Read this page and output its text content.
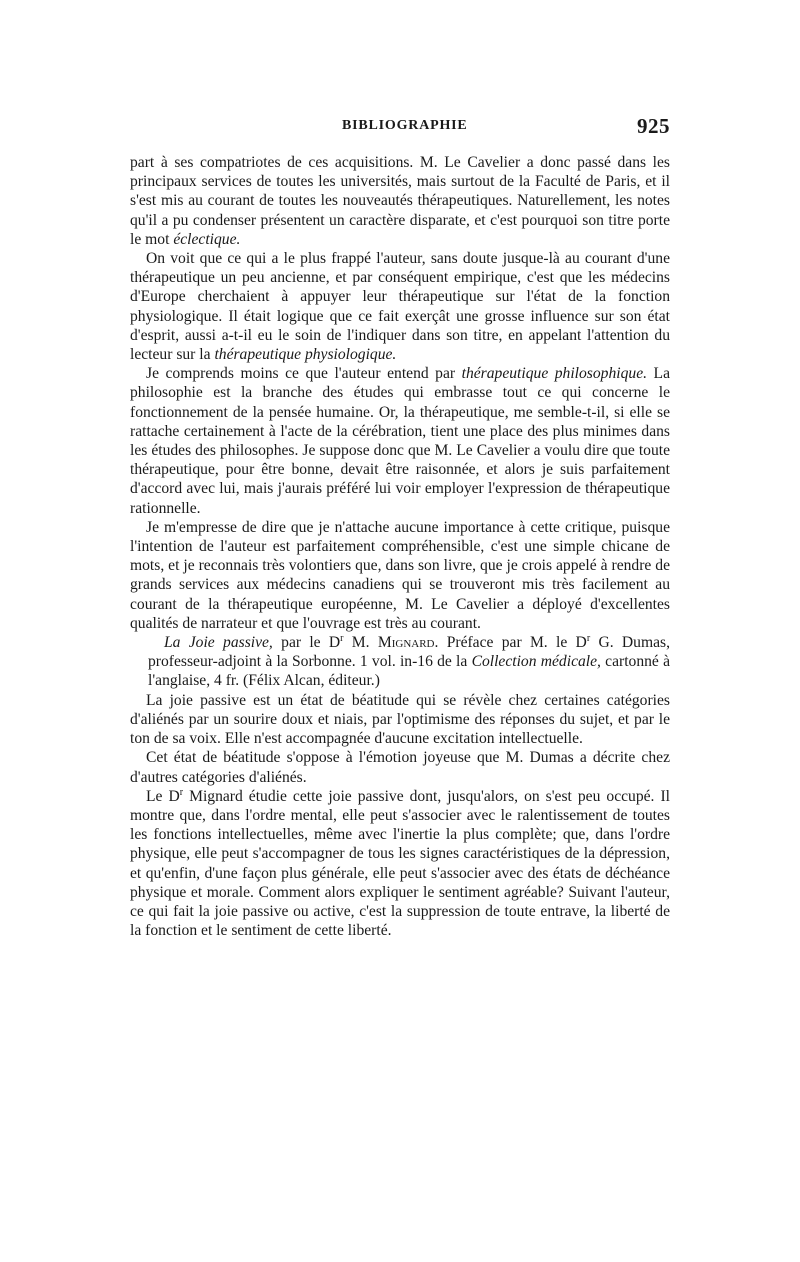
BIBLIOGRAPHIE	925

part à ses compatriotes de ces acquisitions. M. Le Cavelier a donc passé dans les principaux services de toutes les universités, mais surtout de la Faculté de Paris, et il s'est mis au courant de toutes les nouveautés thérapeutiques. Naturellement, les notes qu'il a pu condenser présentent un caractère disparate, et c'est pourquoi son titre porte le mot éclectique.

On voit que ce qui a le plus frappé l'auteur, sans doute jusque-là au courant d'une thérapeutique un peu ancienne, et par conséquent empirique, c'est que les médecins d'Europe cherchaient à appuyer leur thérapeutique sur l'état de la fonction physiologique. Il était logique que ce fait exerçât une grosse influence sur son état d'esprit, aussi a-t-il eu le soin de l'indiquer dans son titre, en appelant l'attention du lecteur sur la thérapeutique physiologique.

Je comprends moins ce que l'auteur entend par thérapeutique philosophique. La philosophie est la branche des études qui embrasse tout ce qui concerne le fonctionnement de la pensée humaine. Or, la thérapeutique, me semble-t-il, si elle se rattache certainement à l'acte de la cérébration, tient une place des plus minimes dans les études des philosophes. Je suppose donc que M. Le Cavelier a voulu dire que toute thérapeutique, pour être bonne, devait être raisonnée, et alors je suis parfaitement d'accord avec lui, mais j'aurais préféré lui voir employer l'expression de thérapeutique rationnelle.

Je m'empresse de dire que je n'attache aucune importance à cette critique, puisque l'intention de l'auteur est parfaitement compréhensible, c'est une simple chicane de mots, et je reconnais très volontiers que, dans son livre, que je crois appelé à rendre de grands services aux médecins canadiens qui se trouveront mis très facilement au courant de la thérapeutique européenne, M. Le Cavelier a déployé d'excellentes qualités de narrateur et que l'ouvrage est très au courant.

La Joie passive, par le $D^r$ M. Mignard. Préface par M. le $D^r$ G. Dumas, professeur-adjoint à la Sorbonne. 1 vol. in-16 de la Collection médicale, cartonné à l'anglaise, 4 fr. (Félix Alcan, éditeur.)

La joie passive est un état de béatitude qui se révèle chez certaines catégories d'aliénés par un sourire doux et niais, par l'optimisme des réponses du sujet, et par le ton de sa voix. Elle n'est accompagnée d'aucune excitation intellectuelle.

Cet état de béatitude s'oppose à l'émotion joyeuse que M. Dumas a décrite chez d'autres catégories d'aliénés.

Le $D^r$ Mignard étudie cette joie passive dont, jusqu'alors, on s'est peu occupé. Il montre que, dans l'ordre mental, elle peut s'associer avec le ralentissement de toutes les fonctions intellectuelles, même avec l'inertie la plus complète; que, dans l'ordre physique, elle peut s'accompagner de tous les signes caractéristiques de la dépression, et qu'enfin, d'une façon plus générale, elle peut s'associer avec des états de déchéance physique et morale. Comment alors expliquer le sentiment agréable? Suivant l'auteur, ce qui fait la joie passive ou active, c'est la suppression de toute entrave, la liberté de la fonction et le sentiment de cette liberté.
